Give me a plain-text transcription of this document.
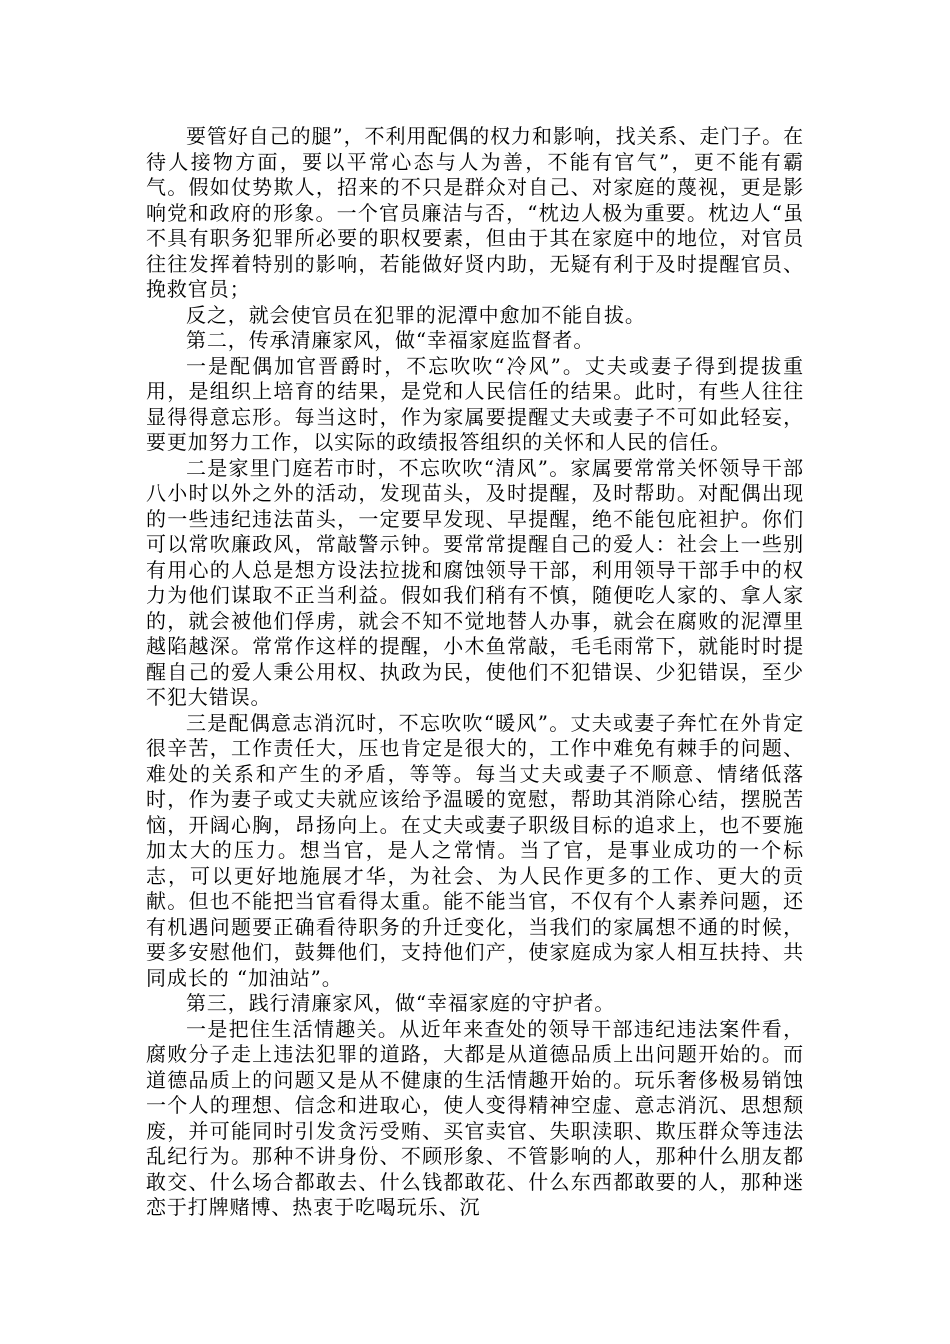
要管好自己的腿”，不利用配偶的权力和影响，找关系、走门子。在待人接物方面，要以平常心态与人为善，不能有官气”，更不能有霸气。假如仗势欺人，招来的不只是群众对自己、对家庭的蔑视，更是影响党和政府的形象。一个官员廉洁与否，“枕边人极为重要。枕边人“虽不具有职务犯罪所必要的职权要素，但由于其在家庭中的地位，对官员往往发挥着特别的影响，若能做好贤内助，无疑有利于及时提醒官员、挽救官员；

反之，就会使官员在犯罪的泥潭中愈加不能自拔。

第二，传承清廉家风，做“幸福家庭监督者。

一是配偶加官晋爵时，不忘吹吹“冷风”。丈夫或妻子得到提拔重用，是组织上培育的结果，是党和人民信任的结果。此时，有些人往往显得得意忘形。每当这时，作为家属要提醒丈夫或妻子不可如此轻妄，要更加努力工作，以实际的政绩报答组织的关怀和人民的信任。

二是家里门庭若市时，不忘吹吹“清风”。家属要常常关怀领导干部八小时以外之外的活动，发现苗头，及时提醒，及时帮助。对配偶出现的一些违纪违法苗头，一定要早发现、早提醒，绝不能包庇袒护。你们可以常吹廉政风，常敲警示钟。要常常提醒自己的爱人：社会上一些别有用心的人总是想方设法拉拢和腐蚀领导干部，利用领导干部手中的权力为他们谋取不正当利益。假如我们稍有不慎，随便吃人家的、拿人家的，就会被他们俘虏，就会不知不觉地替人办事，就会在腐败的泥潭里越陷越深。常常作这样的提醒，小木鱼常敲，毛毛雨常下，就能时时提醒自己的爱人秉公用权、执政为民，使他们不犯错误、少犯错误，至少不犯大错误。

三是配偶意志消沉时，不忘吹吹“暖风”。丈夫或妻子奔忙在外肯定很辛苦，工作责任大，压也肯定是很大的，工作中难免有棘手的问题、难处的关系和产生的矛盾，等等。每当丈夫或妻子不顺意、情绪低落时，作为妻子或丈夫就应该给予温暖的宽慰，帮助其消除心结，摆脱苦恼，开阔心胸，昂扬向上。在丈夫或妻子职级目标的追求上，也不要施加太大的压力。想当官，是人之常情。当了官，是事业成功的一个标志，可以更好地施展才华，为社会、为人民作更多的工作、更大的贡献。但也不能把当官看得太重。能不能当官，不仅有个人素养问题，还有机遇问题要正确看待职务的升迁变化，当我们的家属想不通的时候，要多安慰他们，鼓舞他们，支持他们产，使家庭成为家人相互扶持、共同成长的 “加油站”。

第三，践行清廉家风，做“幸福家庭的守护者。

一是把住生活情趣关。从近年来查处的领导干部违纪违法案件看，腐败分子走上违法犯罪的道路，大都是从道德品质上出问题开始的。而道德品质上的问题又是从不健康的生活情趣开始的。玩乐奢侈极易销蚀一个人的理想、信念和进取心，使人变得精神空虚、意志消沉、思想颓废，并可能同时引发贪污受贿、买官卖官、失职渎职、欺压群众等违法乱纪行为。那种不讲身份、不顾形象、不管影响的人，那种什么朋友都敢交、什么场合都敢去、什么钱都敢花、什么东西都敢要的人，那种迷恋于打牌赌博、热衷于吃喝玩乐、沉
